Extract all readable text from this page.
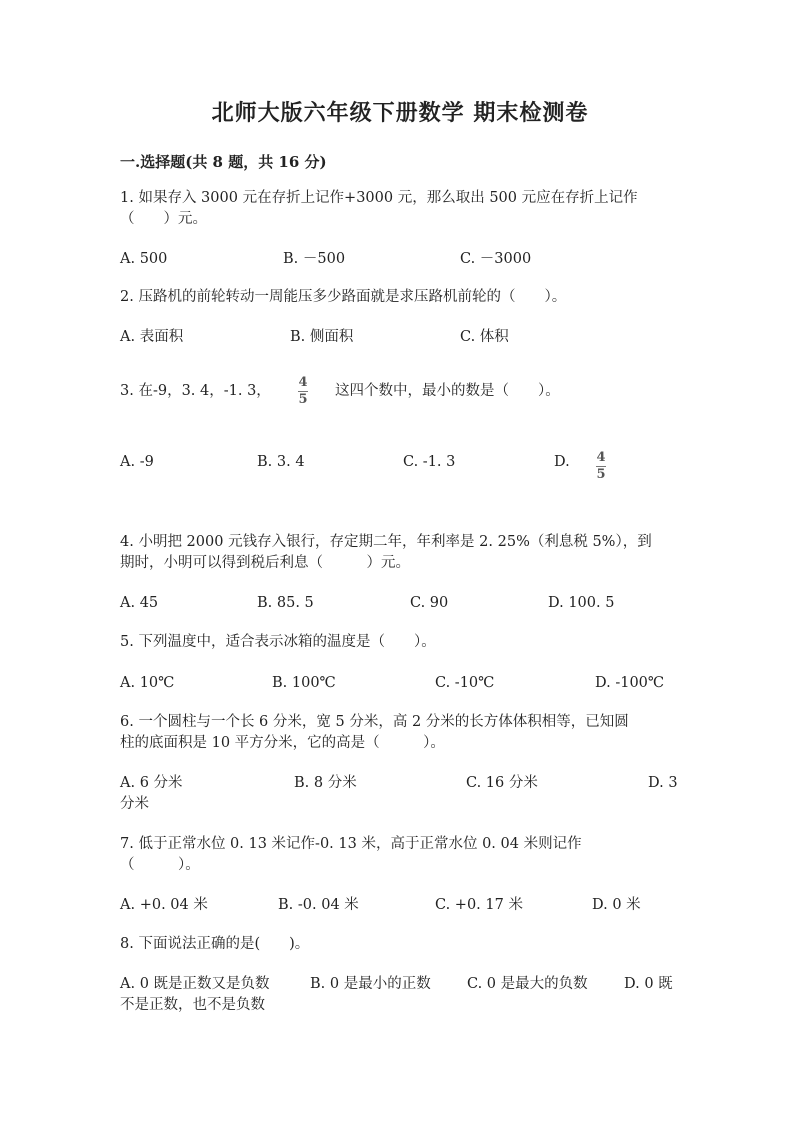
北师大版六年级下册数学 期末检测卷
一.选择题(共 8 题，共 16 分)
1. 如果存入 3000 元在存折上记作+3000 元，那么取出 500 元应在存折上记作
（　　）元。
A. 500	B. －500	C. －3000
2. 压路机的前轮转动一周能压多少路面就是求压路机前轮的（　　）。
A. 表面积	B. 侧面积	C. 体积
3. 在-9，3. 4，-1. 3，
4
5
这四个数中，最小的数是（　　）。
A. -9	B. 3. 4	C. -1. 3	D. 4
5
4. 小明把 2000 元钱存入银行，存定期二年，年利率是 2. 25%（利息税 5%），到
期时，小明可以得到税后利息（　　　）元。
A. 45	B. 85. 5	C. 90	D. 100. 5
5. 下列温度中，适合表示冰箱的温度是（　　）。
A. 10℃	B. 100℃	C. -10℃	D. -100℃
6. 一个圆柱与一个长 6 分米，宽 5 分米，高 2 分米的长方体体积相等，已知圆
柱的底面积是 10 平方分米，它的高是（　　　）。
A. 6 分米	B. 8 分米	C. 16 分米	D. 3
分米
7. 低于正常水位 0. 13 米记作-0. 13 米，高于正常水位 0. 04 米则记作
（　　　）。
A. +0. 04 米	B. -0. 04 米	C. +0. 17 米	D. 0 米
8. 下面说法正确的是(　　)。
A. 0 既是正数又是负数	B. 0 是最小的正数	C. 0 是最大的负数	D. 0 既
不是正数，也不是负数
